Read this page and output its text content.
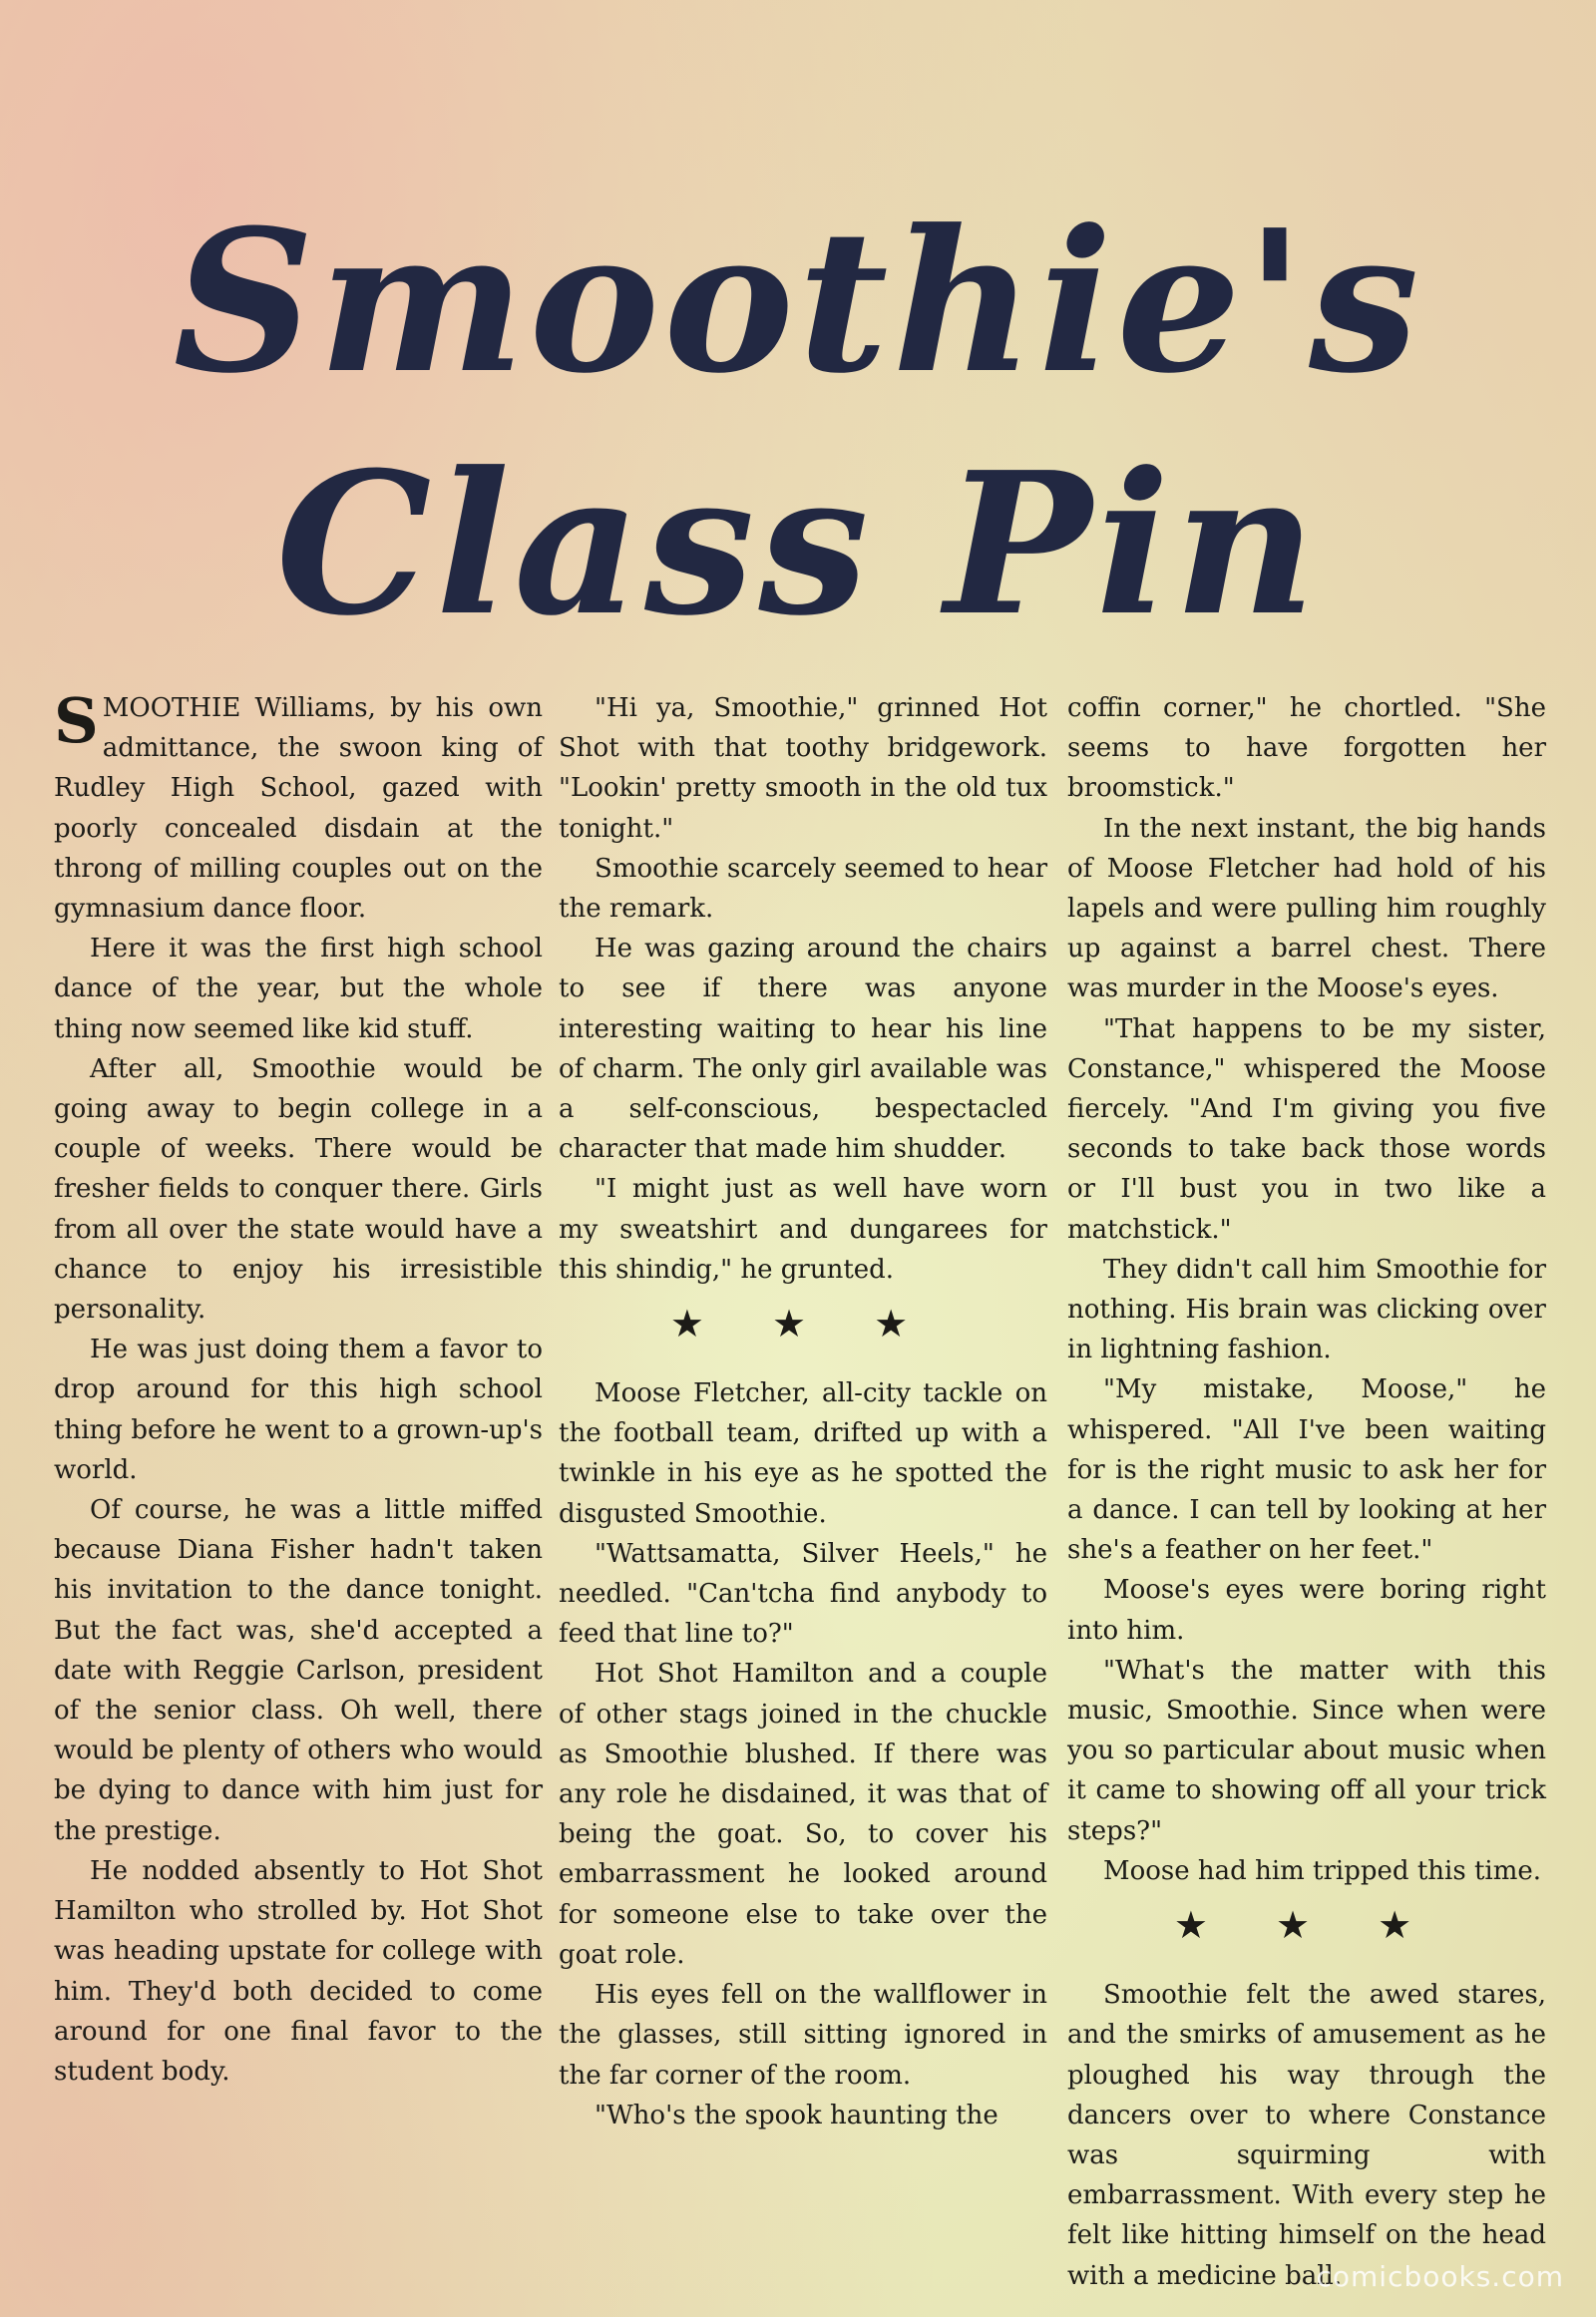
Smoothie's
Class Pin

SMOOTHIE Williams, by his own admittance, the swoon king of Rudley High School, gazed with poorly concealed disdain at the throng of milling couples out on the gymnasium dance floor.

Here it was the first high school dance of the year, but the whole thing now seemed like kid stuff.

After all, Smoothie would be going away to begin college in a couple of weeks. There would be fresher fields to conquer there. Girls from all over the state would have a chance to enjoy his irresistible personality.

He was just doing them a favor to drop around for this high school thing before he went to a grown-up's world.

Of course, he was a little miffed because Diana Fisher hadn't taken his invitation to the dance tonight. But the fact was, she'd accepted a date with Reggie Carlson, president of the senior class. Oh well, there would be plenty of others who would be dying to dance with him just for the prestige.

He nodded absently to Hot Shot Hamilton who strolled by. Hot Shot was heading upstate for college with him. They'd both decided to come around for one final favor to the student body.

"Hi ya, Smoothie," grinned Hot Shot with that toothy bridgework. "Lookin' pretty smooth in the old tux tonight."

Smoothie scarcely seemed to hear the remark.

He was gazing around the chairs to see if there was anyone interesting waiting to hear his line of charm. The only girl available was a self-conscious, bespectacled character that made him shudder.

"I might just as well have worn my sweatshirt and dungarees for this shindig," he grunted.

★ ★ ★

Moose Fletcher, all-city tackle on the football team, drifted up with a twinkle in his eye as he spotted the disgusted Smoothie.

"Wattsamatta, Silver Heels," he needled. "Can'tcha find anybody to feed that line to?"

Hot Shot Hamilton and a couple of other stags joined in the chuckle as Smoothie blushed. If there was any role he disdained, it was that of being the goat. So, to cover his embarrassment he looked around for someone else to take over the goat role.

His eyes fell on the wallflower in the glasses, still sitting ignored in the far corner of the room.

"Who's the spook haunting the

coffin corner," he chortled. "She seems to have forgotten her broomstick."

In the next instant, the big hands of Moose Fletcher had hold of his lapels and were pulling him roughly up against a barrel chest. There was murder in the Moose's eyes.

"That happens to be my sister, Constance," whispered the Moose fiercely. "And I'm giving you five seconds to take back those words or I'll bust you in two like a matchstick."

They didn't call him Smoothie for nothing. His brain was clicking over in lightning fashion.

"My mistake, Moose," he whispered. "All I've been waiting for is the right music to ask her for a dance. I can tell by looking at her she's a feather on her feet."

Moose's eyes were boring right into him.

"What's the matter with this music, Smoothie. Since when were you so particular about music when it came to showing off all your trick steps?"

Moose had him tripped this time.

★ ★ ★

Smoothie felt the awed stares, and the smirks of amusement as he ploughed his way through the dancers over to where Constance was squirming with embarrassment. With every step he felt like hitting himself on the head with a medicine ball.

comicbooks.com
